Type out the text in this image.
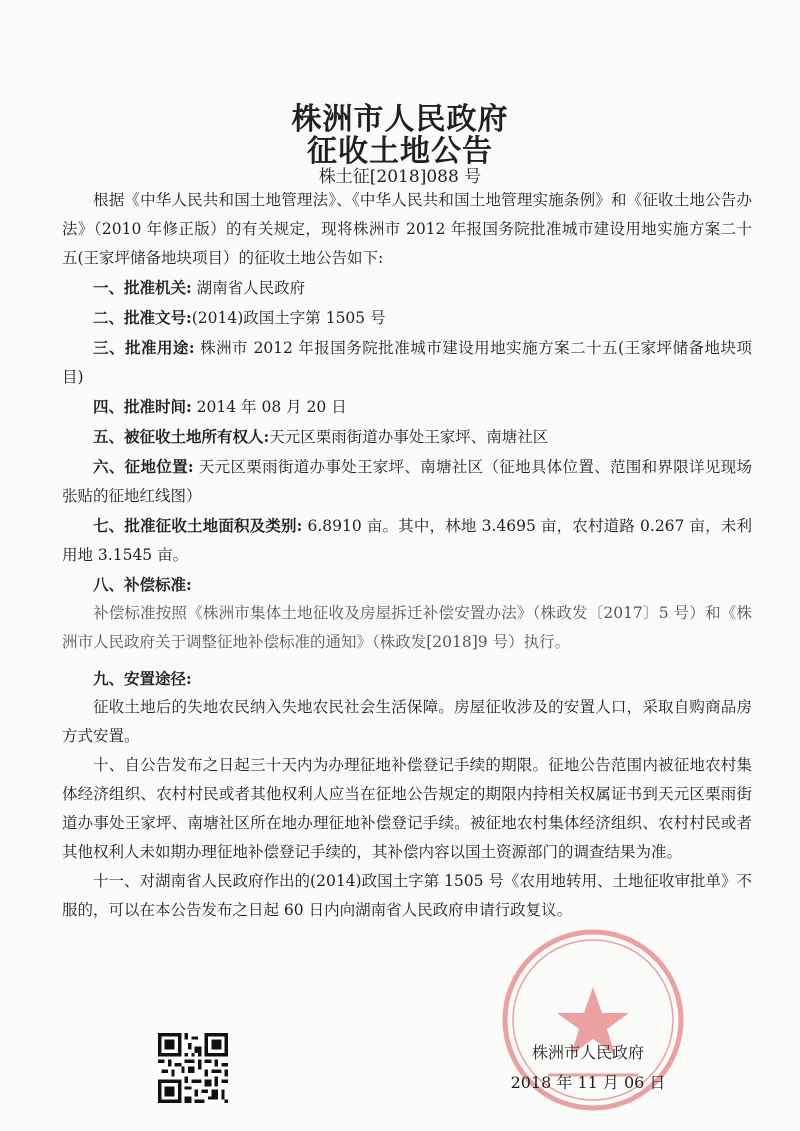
株洲市人民政府
征收土地公告
株土征[2018]088 号

根据《中华人民共和国土地管理法》、《中华人民共和国土地管理实施条例》和《征收土地公告办法》（2010 年修正版）的有关规定，现将株洲市 2012 年报国务院批准城市建设用地实施方案二十五(王家坪储备地块项目）的征收土地公告如下:

一、批准机关: 湖南省人民政府

二、批准文号:(2014)政国土字第 1505 号

三、批准用途: 株洲市 2012 年报国务院批准城市建设用地实施方案二十五(王家坪储备地块项目)

四、批准时间: 2014 年 08 月 20 日

五、被征收土地所有权人:天元区栗雨街道办事处王家坪、南塘社区

六、征地位置: 天元区栗雨街道办事处王家坪、南塘社区（征地具体位置、范围和界限详见现场张贴的征地红线图）

七、批准征收土地面积及类别: 6.8910 亩。其中，林地 3.4695 亩，农村道路 0.267 亩，未利用地 3.1545 亩。

八、补偿标准:

补偿标准按照《株洲市集体土地征收及房屋拆迁补偿安置办法》（株政发〔2017〕5 号）和《株洲市人民政府关于调整征地补偿标准的通知》（株政发[2018]9 号）执行。

九、安置途径:

征收土地后的失地农民纳入失地农民社会生活保障。房屋征收涉及的安置人口，采取自购商品房方式安置。

十、自公告发布之日起三十天内为办理征地补偿登记手续的期限。征地公告范围内被征地农村集体经济组织、农村村民或者其他权利人应当在征地公告规定的期限内持相关权属证书到天元区栗雨街道办事处王家坪、南塘社区所在地办理征地补偿登记手续。被征地农村集体经济组织、农村村民或者其他权利人未如期办理征地补偿登记手续的，其补偿内容以国土资源部门的调查结果为准。

十一、对湖南省人民政府作出的(2014)政国土字第 1505 号《农用地转用、土地征收审批单》不服的，可以在本公告发布之日起 60 日内向湖南省人民政府申请行政复议。

株洲市人民政府
2018 年 11 月 06 日
